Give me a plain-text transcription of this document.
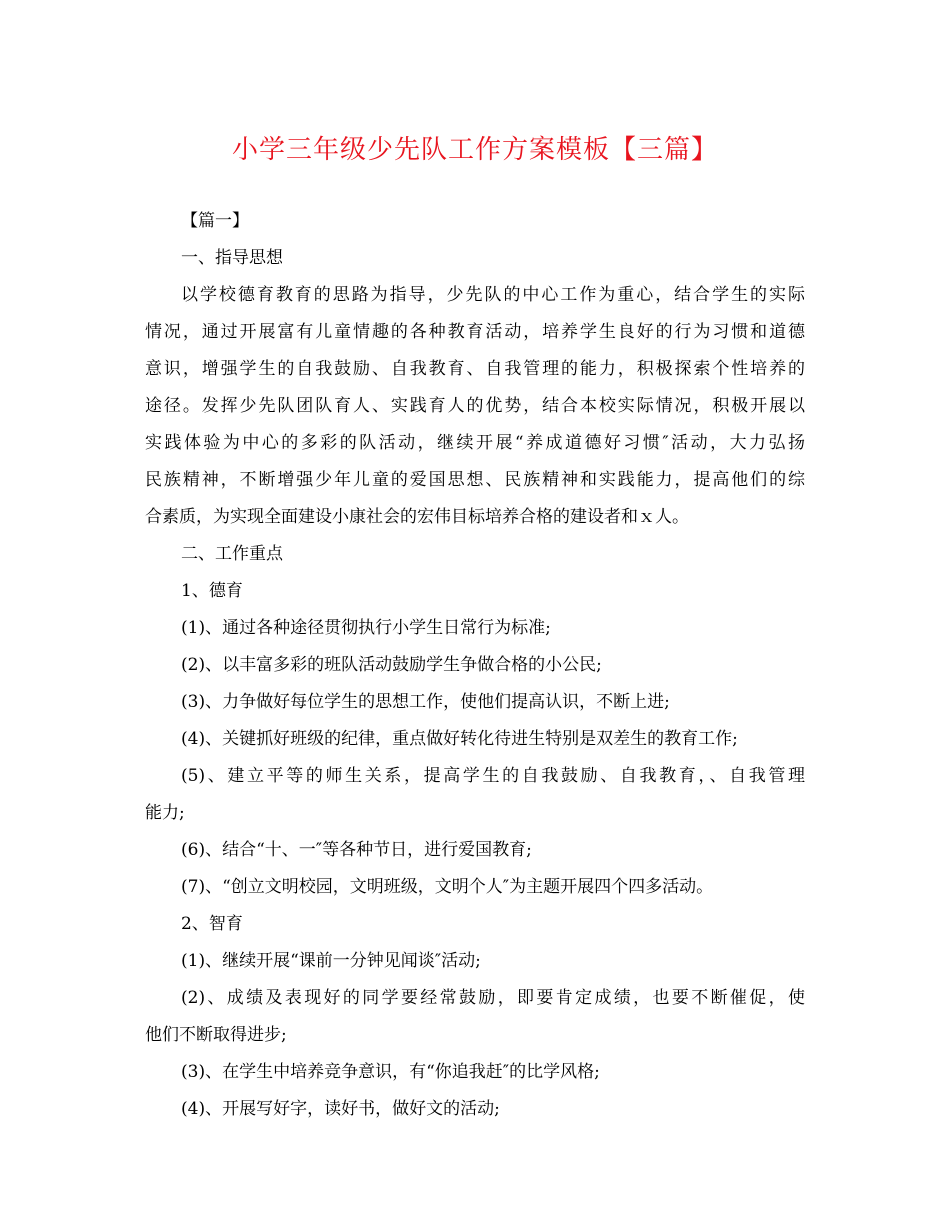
小学三年级少先队工作方案模板【三篇】

【篇一】

一、指导思想

以学校德育教育的思路为指导，少先队的中心工作为重心，结合学生的实际

情况，通过开展富有儿童情趣的各种教育活动，培养学生良好的行为习惯和道德

意识，增强学生的自我鼓励、自我教育、自我管理的能力，积极探索个性培养的

途径。发挥少先队团队育人、实践育人的优势，结合本校实际情况，积极开展以

实践体验为中心的多彩的队活动，继续开展“养成道德好习惯″活动，大力弘扬

民族精神，不断增强少年儿童的爱国思想、民族精神和实践能力，提高他们的综

合素质，为实现全面建设小康社会的宏伟目标培养合格的建设者和ｘ人。

二、工作重点

1、德育

(1)、通过各种途径贯彻执行小学生日常行为标准;

(2)、以丰富多彩的班队活动鼓励学生争做合格的小公民;

(3)、力争做好每位学生的思想工作，使他们提高认识，不断上进;

(4)、关键抓好班级的纪律，重点做好转化待进生特别是双差生的教育工作;

(5)、建立平等的师生关系，提高学生的自我鼓励、自我教育，、自我管理

能力;

(6)、结合“十、一″等各种节日，进行爱国教育;

(7)、“创立文明校园，文明班级，文明个人″为主题开展四个四多活动。

2、智育

(1)、继续开展“课前一分钟见闻谈″活动;

(2)、成绩及表现好的同学要经常鼓励，即要肯定成绩，也要不断催促，使

他们不断取得进步;

(3)、在学生中培养竞争意识，有“你追我赶″的比学风格;

(4)、开展写好字，读好书，做好文的活动;
